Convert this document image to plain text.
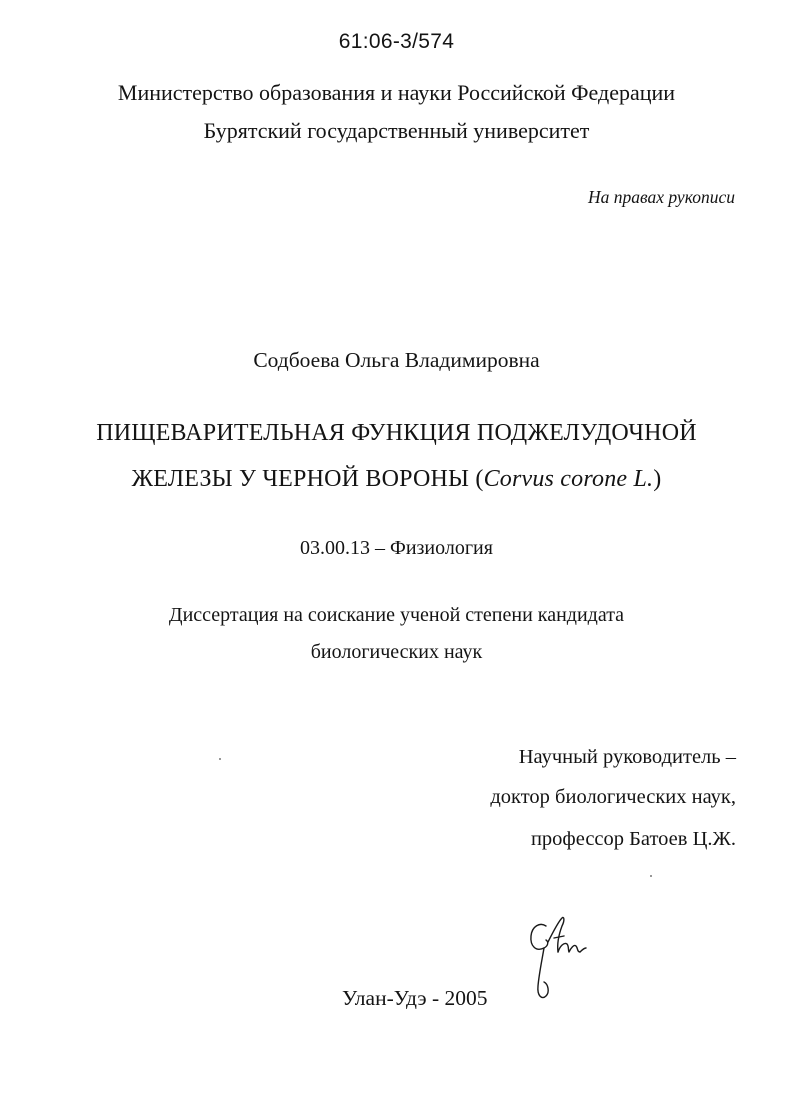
61:06-3/574
Министерство образования и науки Российской Федерации
Бурятский государственный университет
На правах рукописи
Содбоева Ольга Владимировна
ПИЩЕВАРИТЕЛЬНАЯ ФУНКЦИЯ ПОДЖЕЛУДОЧНОЙ
ЖЕЛЕЗЫ У ЧЕРНОЙ ВОРОНЫ (Corvus corone L.)
03.00.13 – Физиология
Диссертация на соискание ученой степени кандидата
биологических наук
Научный руководитель –
доктор биологических наук,
профессор Батоев Ц.Ж.
Улан-Удэ - 2005
